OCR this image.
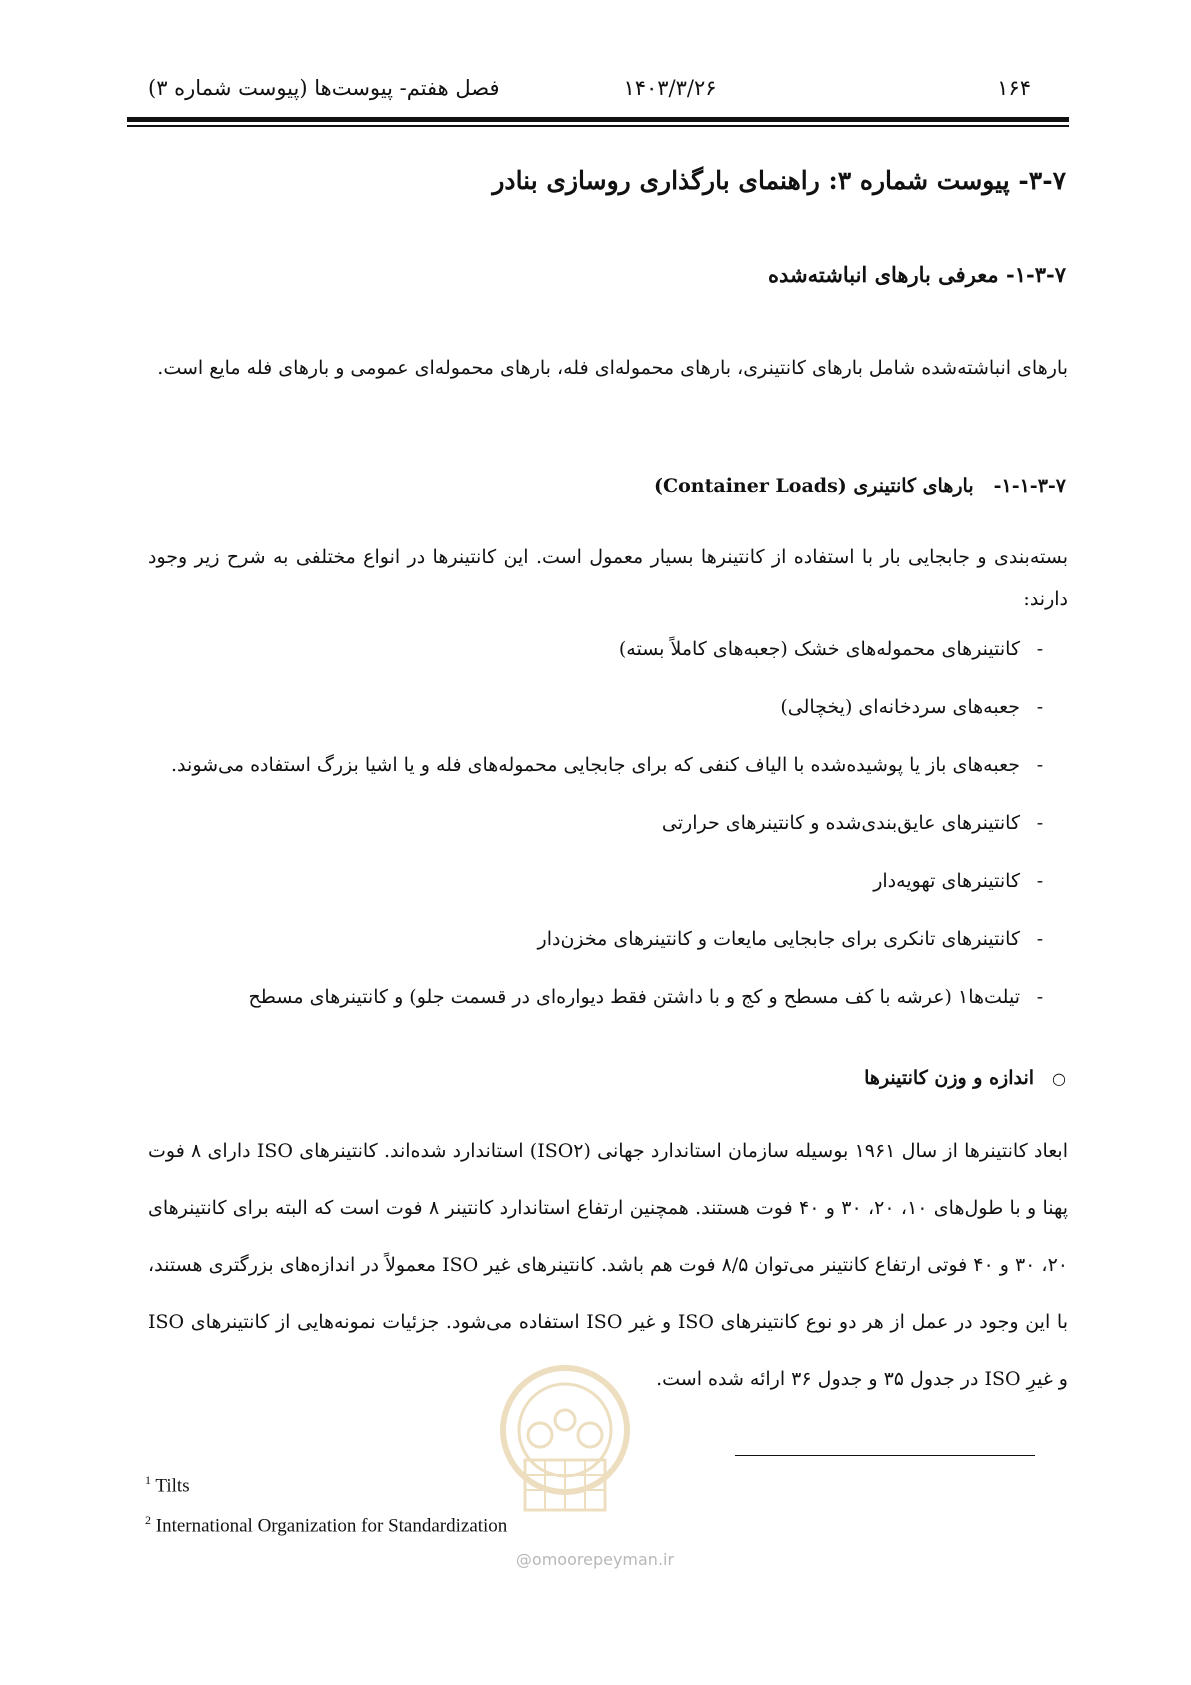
۱۶۴
۱۴۰۳/۳/۲۶
فصل هفتم- پیوست‌ها (پیوست شماره ۳)
۳-۷- پیوست شماره ۳: راهنمای بارگذاری روسازی بنادر
۱-۳-۷- معرفی بارهای انباشته‌شده
بارهای انباشته‌شده شامل بارهای کانتینری، بارهای محموله‌ای فله، بارهای محموله‌ای عمومی و بارهای فله مایع است.
۱-۱-۳-۷-
بارهای کانتینری (Container Loads)
بسته‌بندی و جابجایی بار با استفاده از کانتینرها بسیار معمول است. این کانتینرها در انواع مختلفی به شرح زیر وجود دارند:
-
کانتینرهای محموله‌های خشک (جعبه‌های کاملاً بسته)
-
جعبه‌های سردخانه‌ای (یخچالی)
-
جعبه‌های باز یا پوشیده‌شده با الیاف کنفی که برای جابجایی محموله‌های فله و یا اشیا بزرگ استفاده می‌شوند.
-
کانتینرهای عایق‌بندی‌شده و کانتینرهای حرارتی
-
کانتینرهای تهویه‌دار
-
کانتینرهای تانکری برای جابجایی مایعات و کانتینرهای مخزن‌دار
-
تیلت‌ها۱ (عرشه با کف مسطح و کج و با داشتن فقط دیواره‌ای در قسمت جلو) و کانتینرهای مسطح
○
اندازه و وزن کانتینرها
ابعاد کانتینرها از سال ۱۹۶۱ بوسیله سازمان استاندارد جهانی (ISO۲) استاندارد شده‌اند. کانتینرهای ISO دارای ۸ فوت پهنا و با طول‌های ۱۰، ۲۰، ۳۰ و ۴۰ فوت هستند. همچنین ارتفاع استاندارد کانتینر ۸ فوت است که البته برای کانتینرهای ۲۰، ۳۰ و ۴۰ فوتی ارتفاع کانتینر می‌توان ۸/۵ فوت هم باشد. کانتینرهای غیر ISO معمولاً در اندازه‌های بزرگتری هستند، با این وجود در عمل از هر دو نوع کانتینرهای ISO و غیر ISO استفاده می‌شود. جزئیات نمونه‌هایی از کانتینرهای ISO و غیرِ ISO در جدول ۳۵ و جدول ۳۶ ارائه شده است.
@omoorepeyman.ir
$^1$ Tilts
$^2$ International Organization for Standardization
